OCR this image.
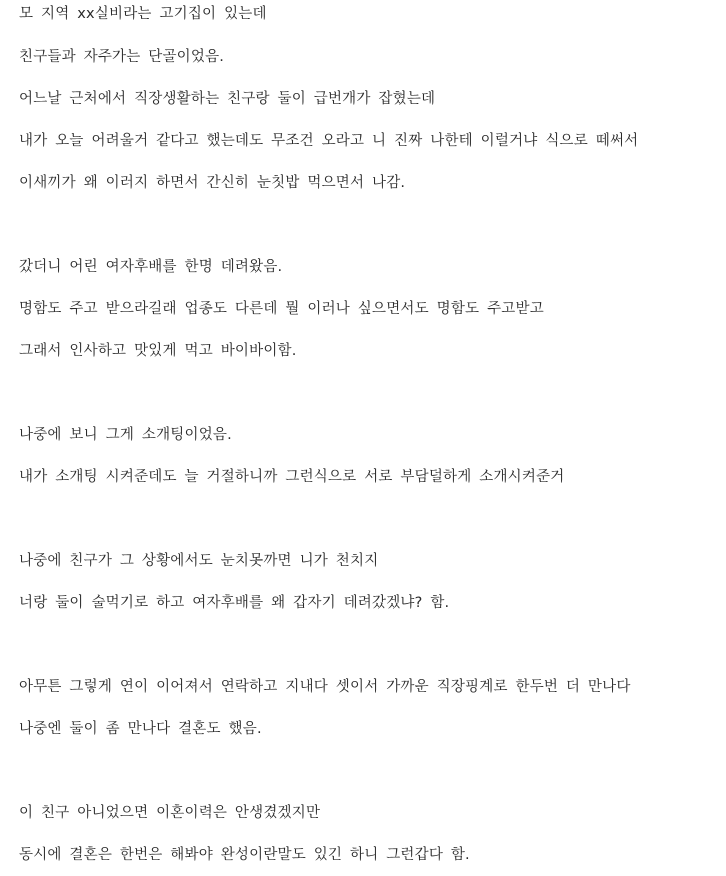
모 지역 xx실비라는 고기집이 있는데
친구들과 자주가는 단골이었음.
어느날 근처에서 직장생활하는 친구랑 둘이 급번개가 잡혔는데
내가 오늘 어려울거 같다고 했는데도 무조건 오라고 니 진짜 나한테 이럴거냐 식으로 떼써서
이새끼가 왜 이러지 하면서 간신히 눈칫밥 먹으면서 나감.
갔더니 어린 여자후배를 한명 데려왔음.
명함도 주고 받으라길래 업종도 다른데 뭘 이러나 싶으면서도 명함도 주고받고
그래서 인사하고 맛있게 먹고 바이바이함.
나중에 보니 그게 소개팅이었음.
내가 소개팅 시켜준데도 늘 거절하니까 그런식으로 서로 부담덜하게 소개시켜준거
나중에 친구가 그 상황에서도 눈치못까면 니가 천치지
너랑 둘이 술먹기로 하고 여자후배를 왜 갑자기 데려갔겠냐? 함.
아무튼 그렇게 연이 이어져서 연락하고 지내다 셋이서 가까운 직장핑계로 한두번 더 만나다
나중엔 둘이 좀 만나다 결혼도 했음.
이 친구 아니었으면 이혼이력은 안생겼겠지만
동시에 결혼은 한번은 해봐야 완성이란말도 있긴 하니 그런갑다 함.
